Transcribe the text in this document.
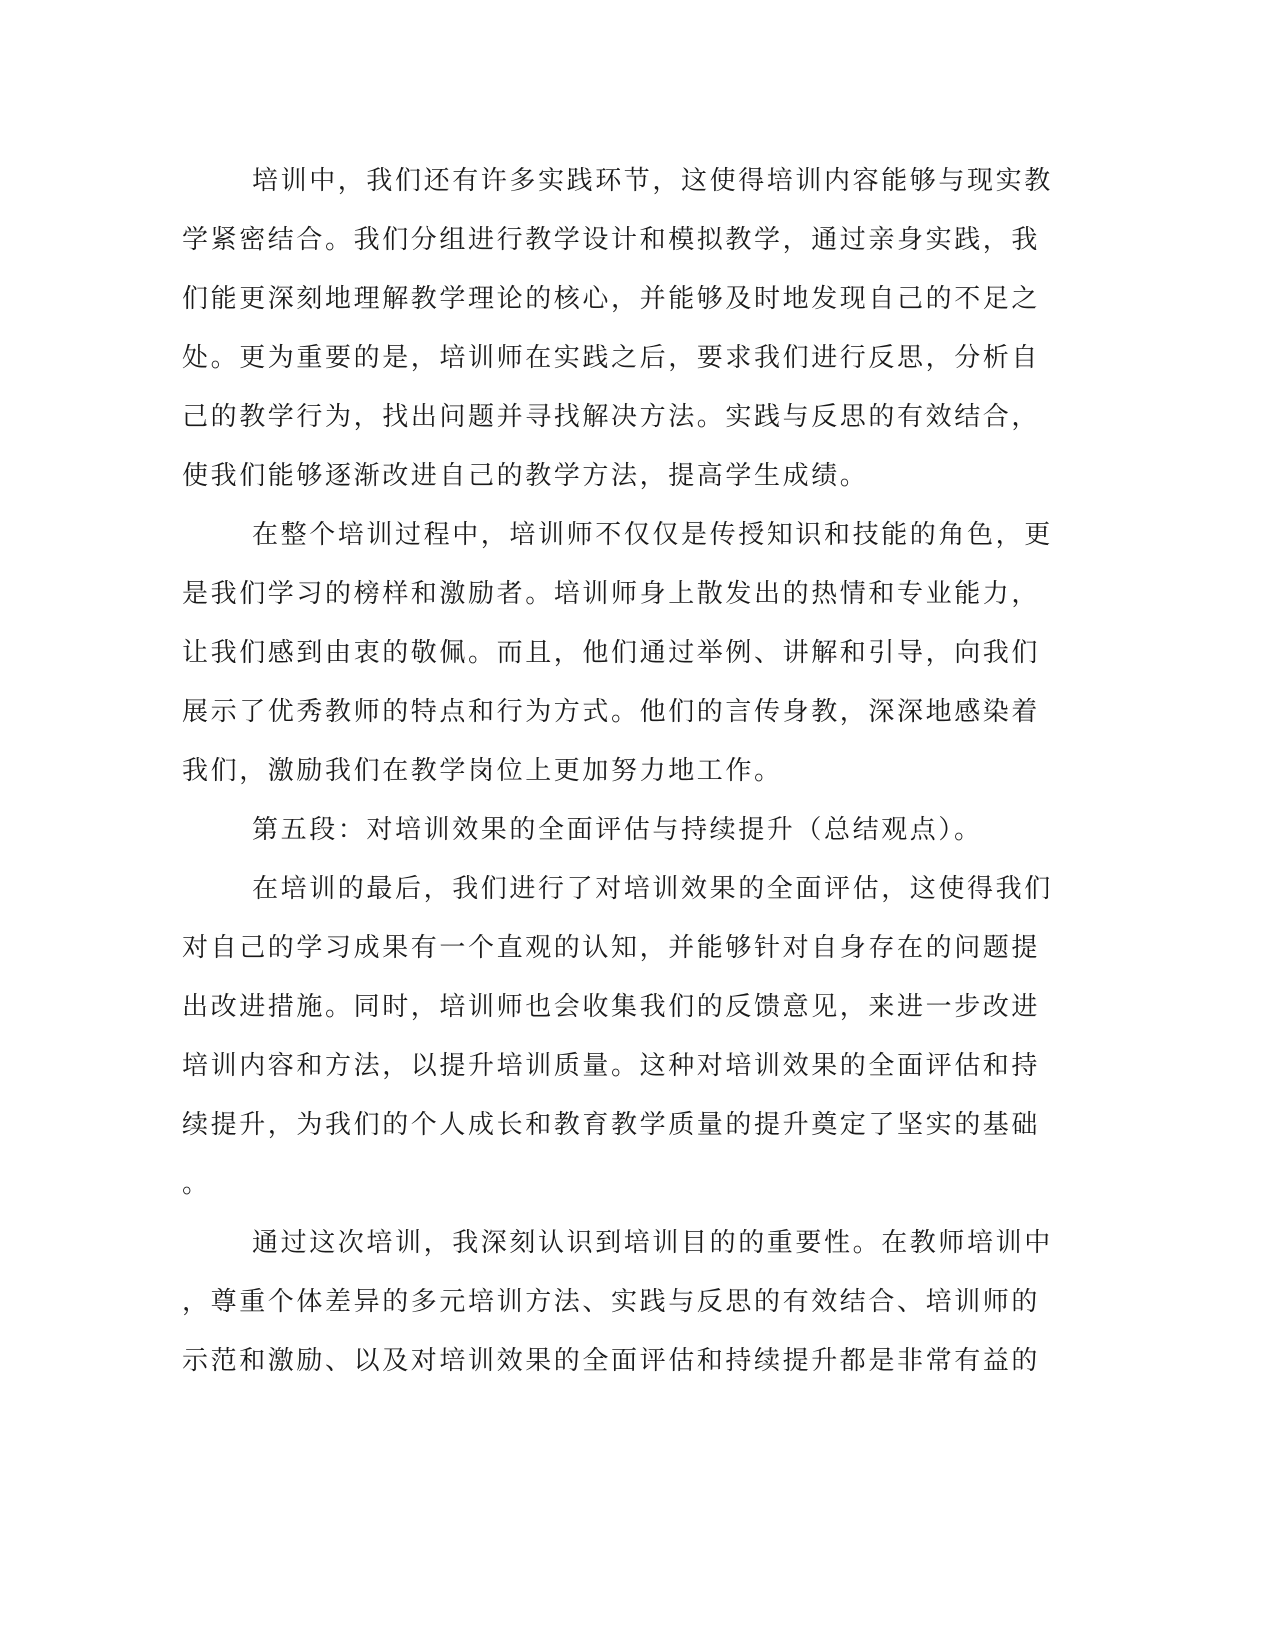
培训中，我们还有许多实践环节，这使得培训内容能够与现实教
学紧密结合。我们分组进行教学设计和模拟教学，通过亲身实践，我
们能更深刻地理解教学理论的核心，并能够及时地发现自己的不足之
处。更为重要的是，培训师在实践之后，要求我们进行反思，分析自
己的教学行为，找出问题并寻找解决方法。实践与反思的有效结合，
使我们能够逐渐改进自己的教学方法，提高学生成绩。
在整个培训过程中，培训师不仅仅是传授知识和技能的角色，更
是我们学习的榜样和激励者。培训师身上散发出的热情和专业能力，
让我们感到由衷的敬佩。而且，他们通过举例、讲解和引导，向我们
展示了优秀教师的特点和行为方式。他们的言传身教，深深地感染着
我们，激励我们在教学岗位上更加努力地工作。
第五段：对培训效果的全面评估与持续提升（总结观点）。
在培训的最后，我们进行了对培训效果的全面评估，这使得我们
对自己的学习成果有一个直观的认知，并能够针对自身存在的问题提
出改进措施。同时，培训师也会收集我们的反馈意见，来进一步改进
培训内容和方法，以提升培训质量。这种对培训效果的全面评估和持
续提升，为我们的个人成长和教育教学质量的提升奠定了坚实的基础
。
通过这次培训，我深刻认识到培训目的的重要性。在教师培训中
，尊重个体差异的多元培训方法、实践与反思的有效结合、培训师的
示范和激励、以及对培训效果的全面评估和持续提升都是非常有益的
